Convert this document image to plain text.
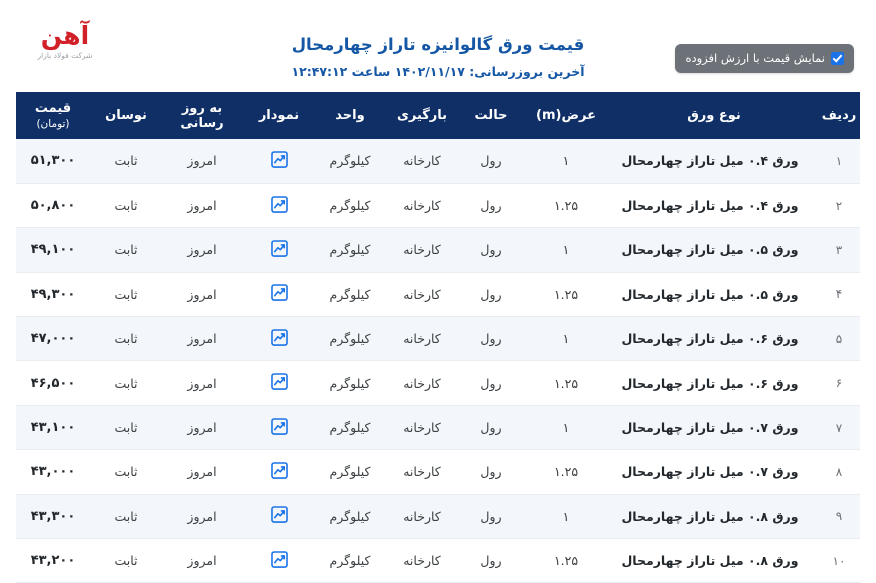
آهن
شرکت فولاد بازار
قیمت ورق گالوانیزه تاراز چهارمحال
آخرین بروزرسانی: ۱۴۰۲/۱۱/۱۷ ساعت ۱۲:۴۷:۱۲
نمایش قیمت با ارزش افزوده
ردیف	نوع ورق	عرض(m)	حالت	بارگیری	واحد	نمودار	به روز رسانی	نوسان	قیمت (تومان)
۱	ورق ۰.۴ میل تاراز چهارمحال	۱	رول	کارخانه	کیلوگرم		امروز	ثابت	۵۱,۳۰۰
۲	ورق ۰.۴ میل تاراز چهارمحال	۱.۲۵	رول	کارخانه	کیلوگرم		امروز	ثابت	۵۰,۸۰۰
۳	ورق ۰.۵ میل تاراز چهارمحال	۱	رول	کارخانه	کیلوگرم		امروز	ثابت	۴۹,۱۰۰
۴	ورق ۰.۵ میل تاراز چهارمحال	۱.۲۵	رول	کارخانه	کیلوگرم		امروز	ثابت	۴۹,۳۰۰
۵	ورق ۰.۶ میل تاراز چهارمحال	۱	رول	کارخانه	کیلوگرم		امروز	ثابت	۴۷,۰۰۰
۶	ورق ۰.۶ میل تاراز چهارمحال	۱.۲۵	رول	کارخانه	کیلوگرم		امروز	ثابت	۴۶,۵۰۰
۷	ورق ۰.۷ میل تاراز چهارمحال	۱	رول	کارخانه	کیلوگرم		امروز	ثابت	۴۳,۱۰۰
۸	ورق ۰.۷ میل تاراز چهارمحال	۱.۲۵	رول	کارخانه	کیلوگرم		امروز	ثابت	۴۳,۰۰۰
۹	ورق ۰.۸ میل تاراز چهارمحال	۱	رول	کارخانه	کیلوگرم		امروز	ثابت	۴۳,۳۰۰
۱۰	ورق ۰.۸ میل تاراز چهارمحال	۱.۲۵	رول	کارخانه	کیلوگرم		امروز	ثابت	۴۳,۲۰۰
